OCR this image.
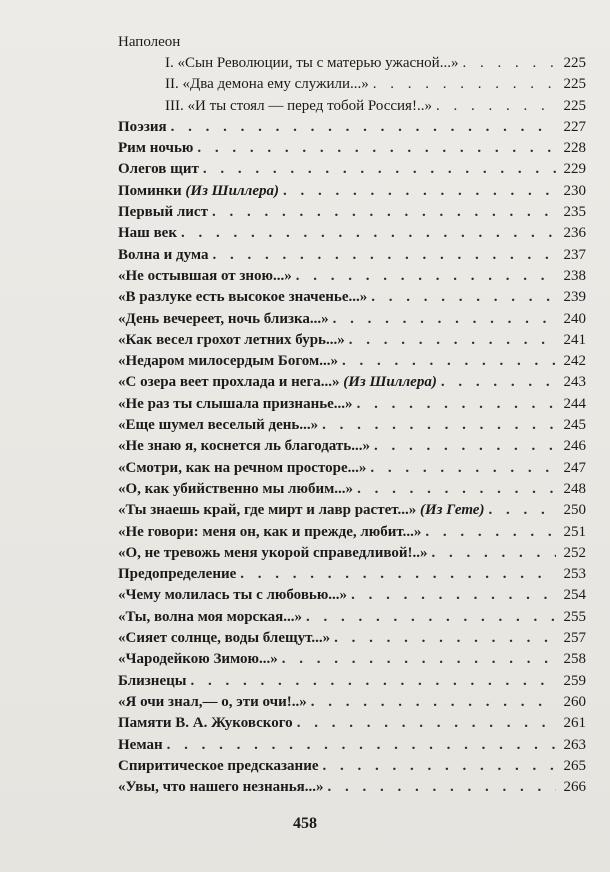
Наполеон
I. «Сын Революции, ты с матерью ужасной...» . . .	225
II. «Два демона ему служили...» . . .	225
III. «И ты стоял — перед тобой Россия!..» . . .	225
Поэзия . . .	227
Рим ночью . . .	228
Олегов щит . . .	229
Поминки (Из Шиллера) . . .	230
Первый лист . . .	235
Наш век . . .	236
Волна и дума . . .	237
«Не остывшая от зною...» . . .	238
«В разлуке есть высокое значенье...» . . .	239
«День вечереет, ночь близка...» . . .	240
«Как весел грохот летних бурь...» . . .	241
«Недаром милосердым Богом...» . . .	242
«С озера веет прохлада и нега...» (Из Шиллера) . . .	243
«Не раз ты слышала признанье...» . . .	244
«Еще шумел веселый день...» . . .	245
«Не знаю я, коснется ль благодать...» . . .	246
«Смотри, как на речном просторе...» . . .	247
«О, как убийственно мы любим...» . . .	248
«Ты знаешь край, где мирт и лавр растет...» (Из Гете) . . .	250
«Не говори: меня он, как и прежде, любит...» . . .	251
«О, не тревожь меня укорой справедливой!..» . . .	252
Предопределение . . .	253
«Чему молилась ты с любовью...» . . .	254
«Ты, волна моя морская...» . . .	255
«Сияет солнце, воды блещут...» . . .	257
«Чародейкою Зимою...» . . .	258
Близнецы . . .	259
«Я очи знал,— о, эти очи!..» . . .	260
Памяти В. А. Жуковского . . .	261
Неман . . .	263
Спиритическое предсказание . . .	265
«Увы, что нашего незнанья...» . . .	266
458
